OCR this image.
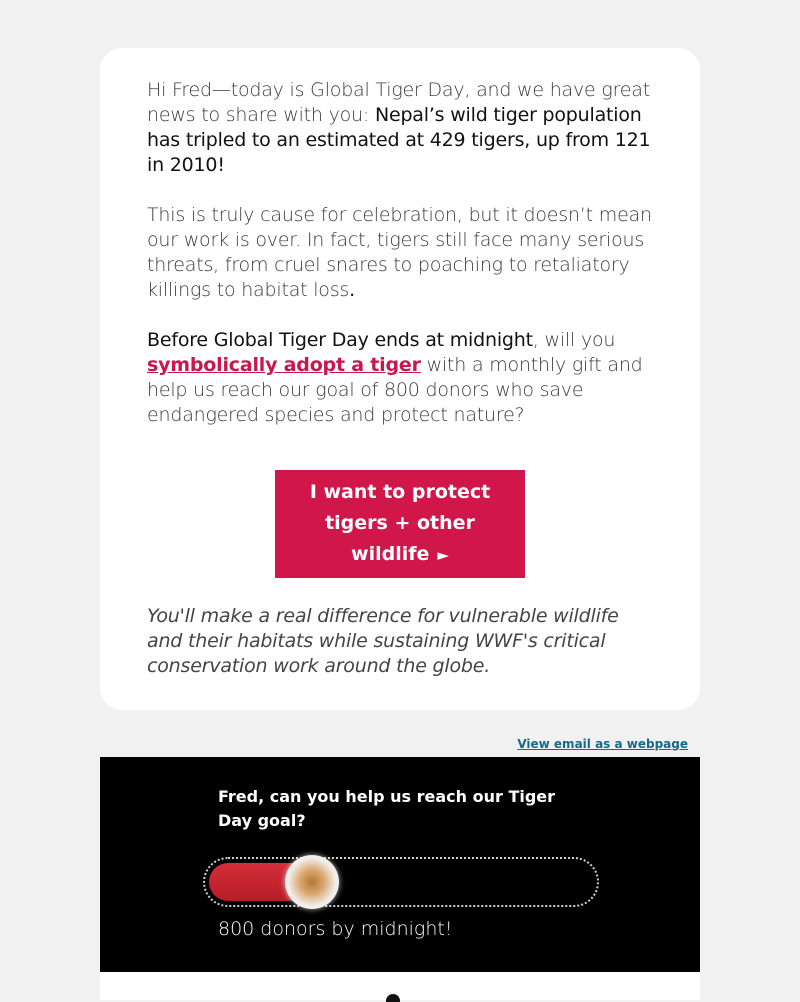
Hi Fred—today is Global Tiger Day, and we have great news to share with you: Nepal’s wild tiger population has tripled to an estimated at 429 tigers, up from 121 in 2010!

This is truly cause for celebration, but it doesn’t mean our work is over. In fact, tigers still face many serious threats, from cruel snares to poaching to retaliatory killings to habitat loss.

Before Global Tiger Day ends at midnight, will you symbolically adopt a tiger with a monthly gift and help us reach our goal of 800 donors who save endangered species and protect nature?

I want to protect tigers + other wildlife ►
You'll make a real difference for vulnerable wildlife and their habitats while sustaining WWF's critical conservation work around the globe.
View email as a webpage
Fred, can you help us reach our Tiger Day goal?
800 donors by midnight!
